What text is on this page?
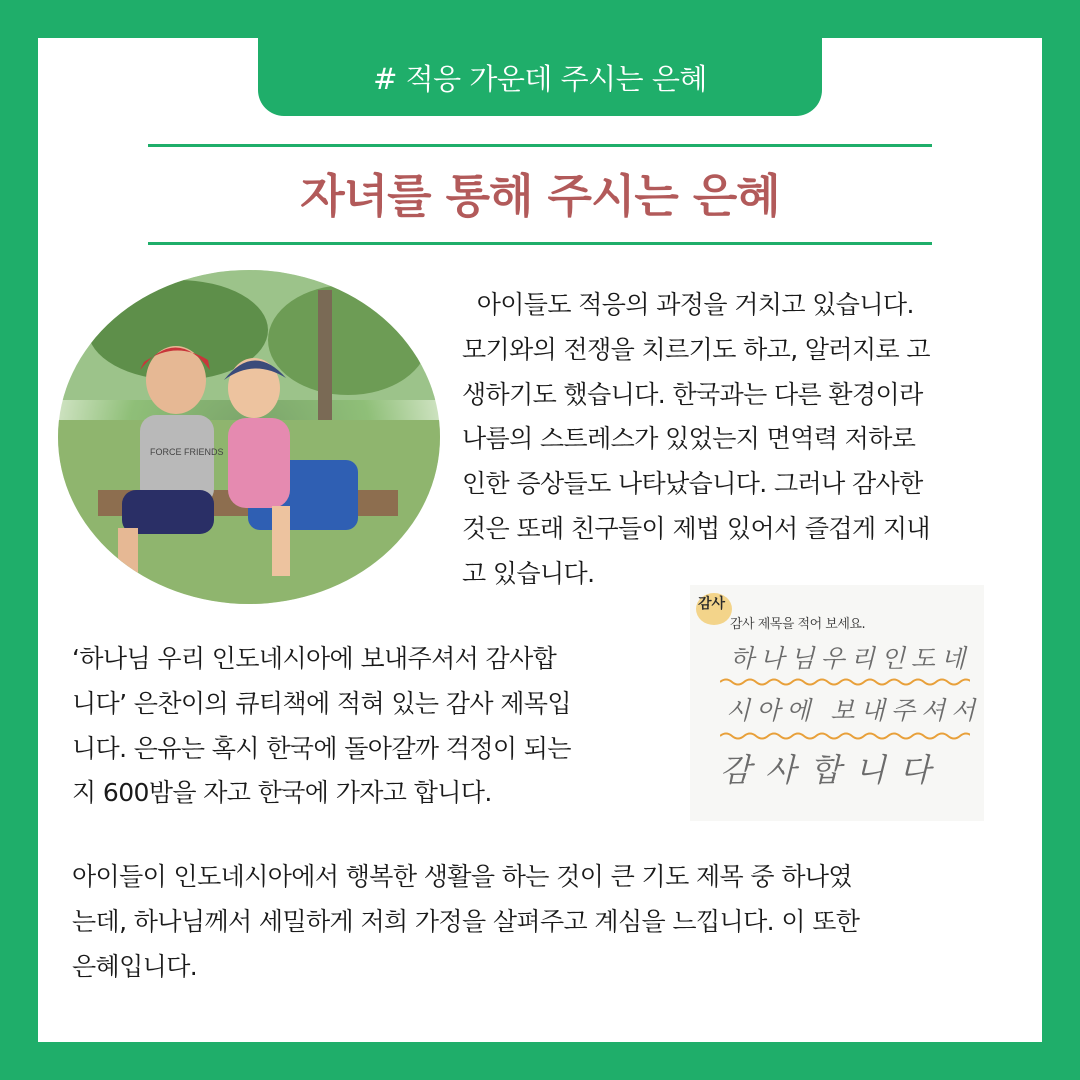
# 적응 가운데 주시는 은혜
자녀를 통해 주시는 은혜
FORCE FRIENDS

아이들도 적응의 과정을 거치고 있습니다.
모기와의 전쟁을 치르기도 하고, 알러지로 고
생하기도 했습니다. 한국과는 다른 환경이라
나름의 스트레스가 있었는지 면역력 저하로
인한 증상들도 나타났습니다. 그러나 감사한
것은 또래 친구들이 제법 있어서 즐겁게 지내
고 있습니다.

감사
감사 제목을 적어 보세요.
하나님우리인도네
시아에 보내주셔서
감사합니다

‘하나님 우리 인도네시아에 보내주셔서 감사합
니다’ 은찬이의 큐티책에 적혀 있는 감사 제목입
니다. 은유는 혹시 한국에 돌아갈까 걱정이 되는
지 600밤을 자고 한국에 가자고 합니다.

아이들이 인도네시아에서 행복한 생활을 하는 것이 큰 기도 제목 중 하나였
는데, 하나님께서 세밀하게 저희 가정을 살펴주고 계심을 느낍니다. 이 또한
은혜입니다.
